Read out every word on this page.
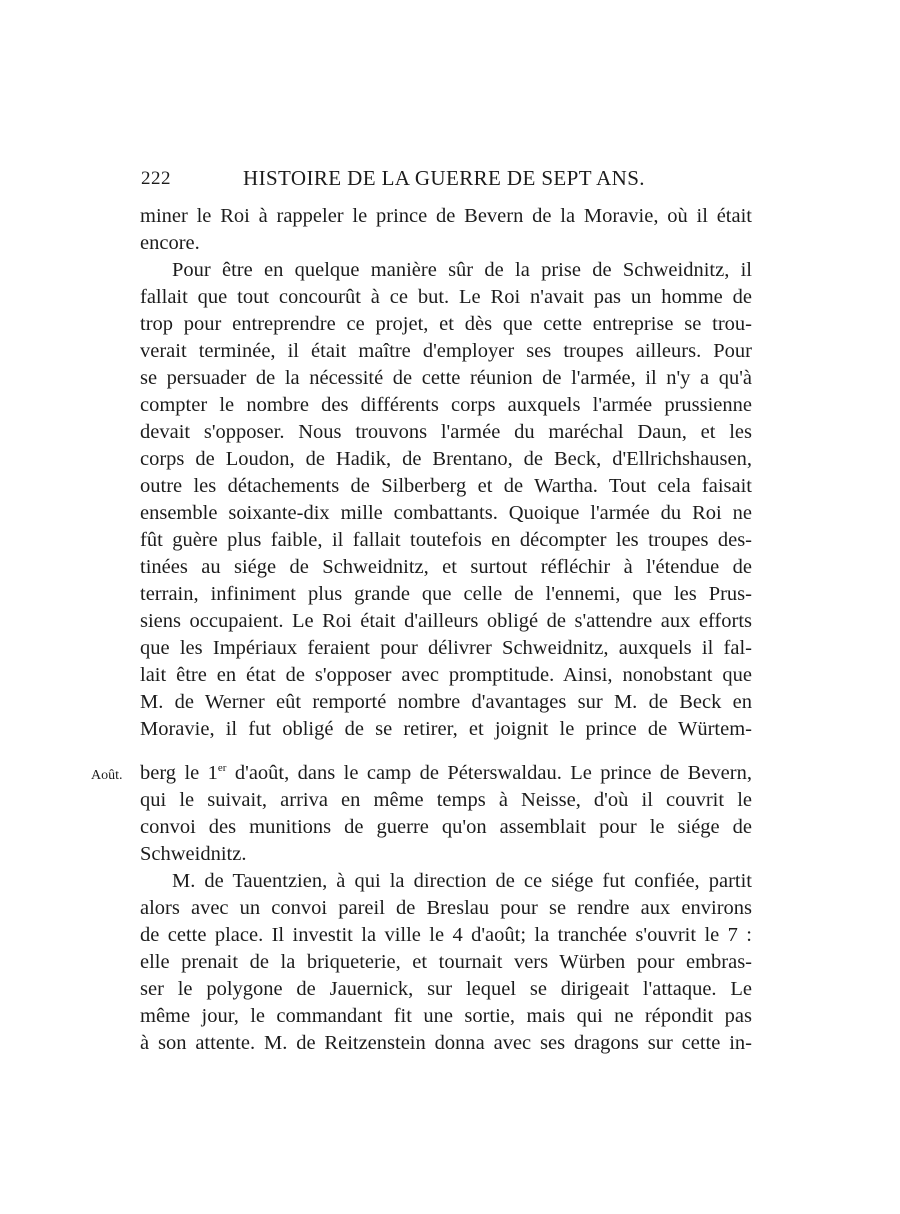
222	HISTOIRE DE LA GUERRE DE SEPT ANS.
Août.
miner le Roi à rappeler le prince de Bevern de la Moravie, où il était
encore.
Pour être en quelque manière sûr de la prise de Schweidnitz, il
fallait que tout concourût à ce but. Le Roi n'avait pas un homme de
trop pour entreprendre ce projet, et dès que cette entreprise se trou-
verait terminée, il était maître d'employer ses troupes ailleurs. Pour
se persuader de la nécessité de cette réunion de l'armée, il n'y a qu'à
compter le nombre des différents corps auxquels l'armée prussienne
devait s'opposer. Nous trouvons l'armée du maréchal Daun, et les
corps de Loudon, de Hadik, de Brentano, de Beck, d'Ellrichshausen,
outre les détachements de Silberberg et de Wartha. Tout cela faisait
ensemble soixante-dix mille combattants. Quoique l'armée du Roi ne
fût guère plus faible, il fallait toutefois en décompter les troupes des-
tinées au siége de Schweidnitz, et surtout réfléchir à l'étendue de
terrain, infiniment plus grande que celle de l'ennemi, que les Prus-
siens occupaient. Le Roi était d'ailleurs obligé de s'attendre aux efforts
que les Impériaux feraient pour délivrer Schweidnitz, auxquels il fal-
lait être en état de s'opposer avec promptitude. Ainsi, nonobstant que
M. de Werner eût remporté nombre d'avantages sur M. de Beck en
Moravie, il fut obligé de se retirer, et joignit le prince de Würtem-
berg le 1er d'août, dans le camp de Péterswaldau. Le prince de Bevern,
qui le suivait, arriva en même temps à Neisse, d'où il couvrit le
convoi des munitions de guerre qu'on assemblait pour le siége de
Schweidnitz.
M. de Tauentzien, à qui la direction de ce siége fut confiée, partit
alors avec un convoi pareil de Breslau pour se rendre aux environs
de cette place. Il investit la ville le 4 d'août; la tranchée s'ouvrit le 7 :
elle prenait de la briqueterie, et tournait vers Würben pour embras-
ser le polygone de Jauernick, sur lequel se dirigeait l'attaque. Le
même jour, le commandant fit une sortie, mais qui ne répondit pas
à son attente. M. de Reitzenstein donna avec ses dragons sur cette in-
